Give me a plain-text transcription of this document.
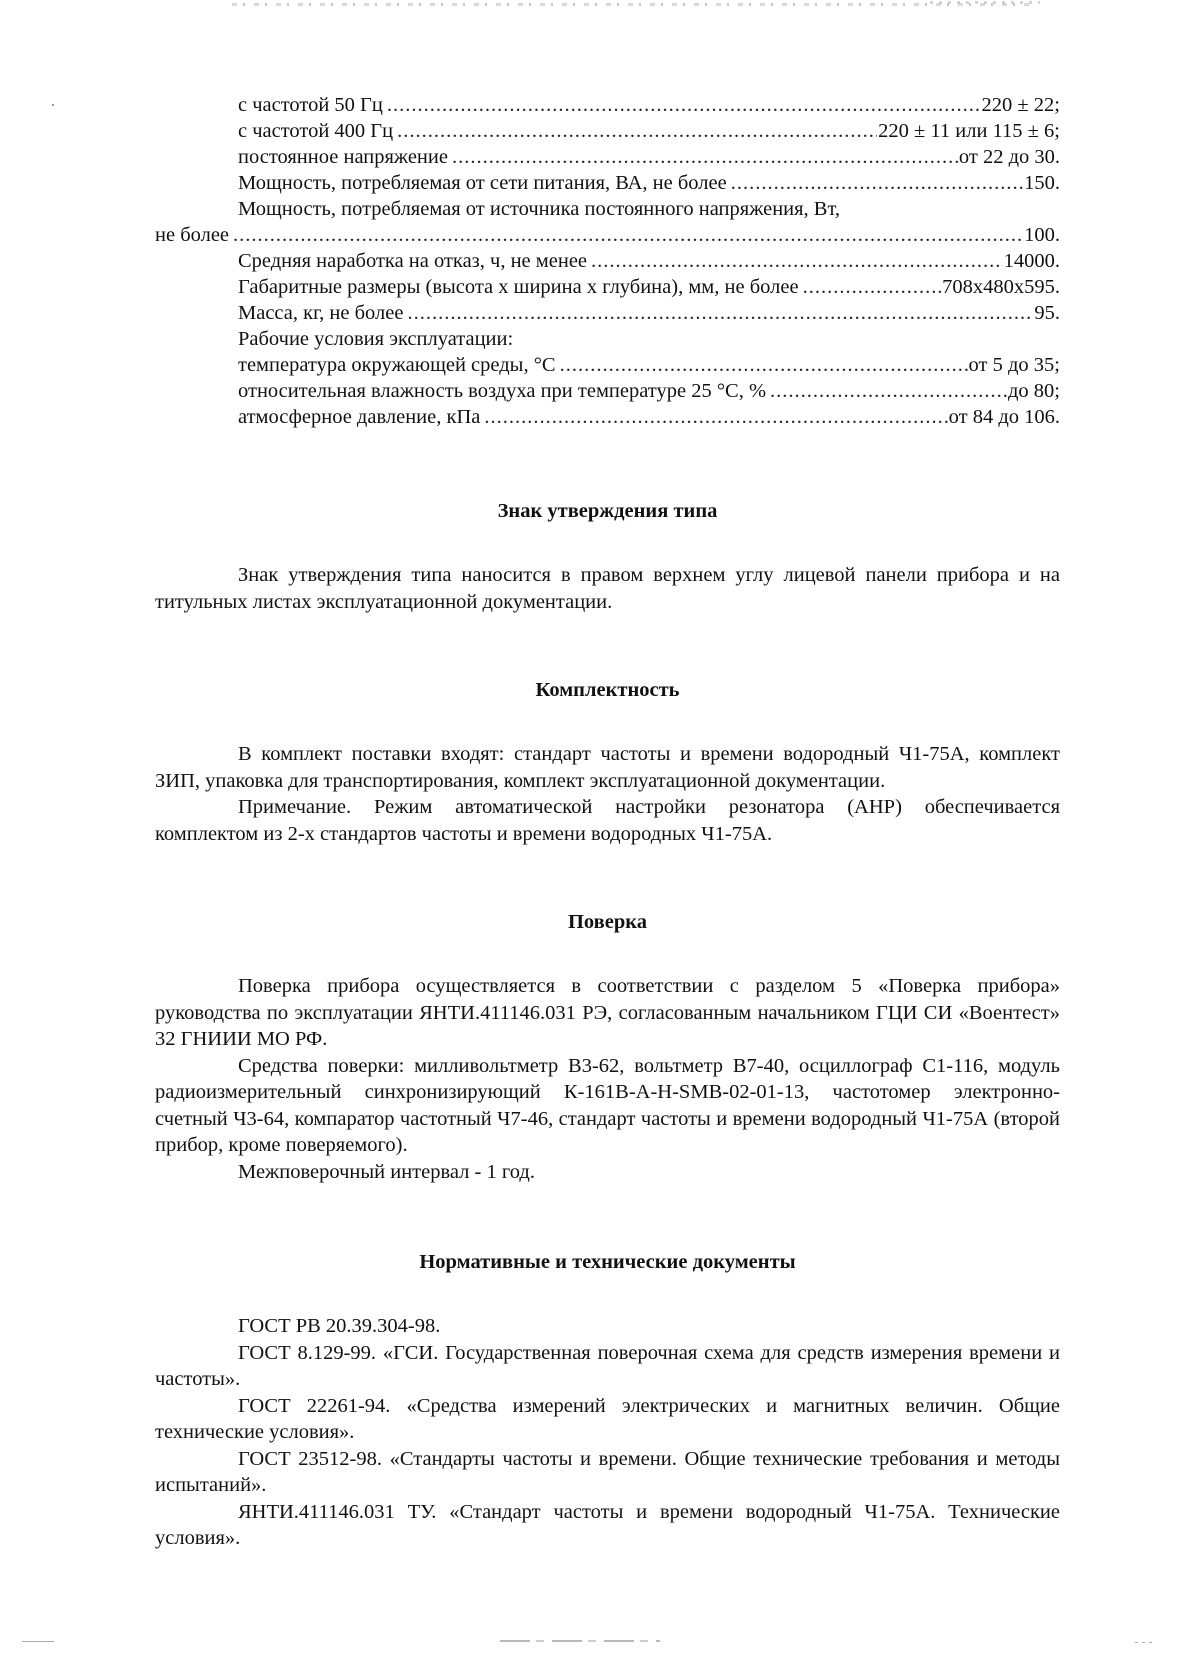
с частотой 50 Гц .....	220 ± 22;
с частотой 400 Гц .....	220 ± 11 или 115 ± 6;
постоянное напряжение .....	от 22 до 30.
Мощность, потребляемая от сети питания, ВА, не более .....	150.
Мощность, потребляемая от источника постоянного напряжения, Вт,
не более .....	100.
Средняя наработка на отказ, ч, не менее .....	14000.
Габаритные размеры (высота х ширина х глубина), мм, не более .....	708x480x595.
Масса, кг, не более .....	95.
Рабочие условия эксплуатации:
температура окружающей среды, °С .....	от 5 до 35;
относительная влажность воздуха при температуре 25 °С, % .....	до 80;
атмосферное давление, кПа .....	от 84 до 106.
Знак утверждения типа

Знак утверждения типа наносится в правом верхнем углу лицевой панели прибора и на титульных листах эксплуатационной документации.

Комплектность

В комплект поставки входят: стандарт частоты и времени водородный Ч1-75А, комплект ЗИП, упаковка для транспортирования, комплект эксплуатационной документации.

Примечание. Режим автоматической настройки резонатора (АНР) обеспечивается комплектом из 2-х стандартов частоты и времени водородных Ч1-75А.

Поверка

Поверка прибора осуществляется в соответствии с разделом 5 «Поверка прибора» руководства по эксплуатации ЯНТИ.411146.031 РЭ, согласованным начальником ГЦИ СИ «Воентест» 32 ГНИИИ МО РФ.

Средства поверки: милливольтметр В3-62, вольтметр В7-40, осциллограф С1-116, модуль радиоизмерительный синхронизирующий К-161В-А-Н-SMB-02-01-13, частотомер электронно-счетный Ч3-64, компаратор частотный Ч7-46, стандарт частоты и времени водородный Ч1-75А (второй прибор, кроме поверяемого).

Межповерочный интервал - 1 год.

Нормативные и технические документы

ГОСТ РВ 20.39.304-98.

ГОСТ 8.129-99. «ГСИ. Государственная поверочная схема для средств измерения времени и частоты».

ГОСТ 22261-94. «Средства измерений электрических и магнитных величин. Общие технические условия».

ГОСТ 23512-98. «Стандарты частоты и времени. Общие технические требования и методы испытаний».

ЯНТИ.411146.031 ТУ. «Стандарт частоты и времени водородный Ч1-75А. Технические условия».
